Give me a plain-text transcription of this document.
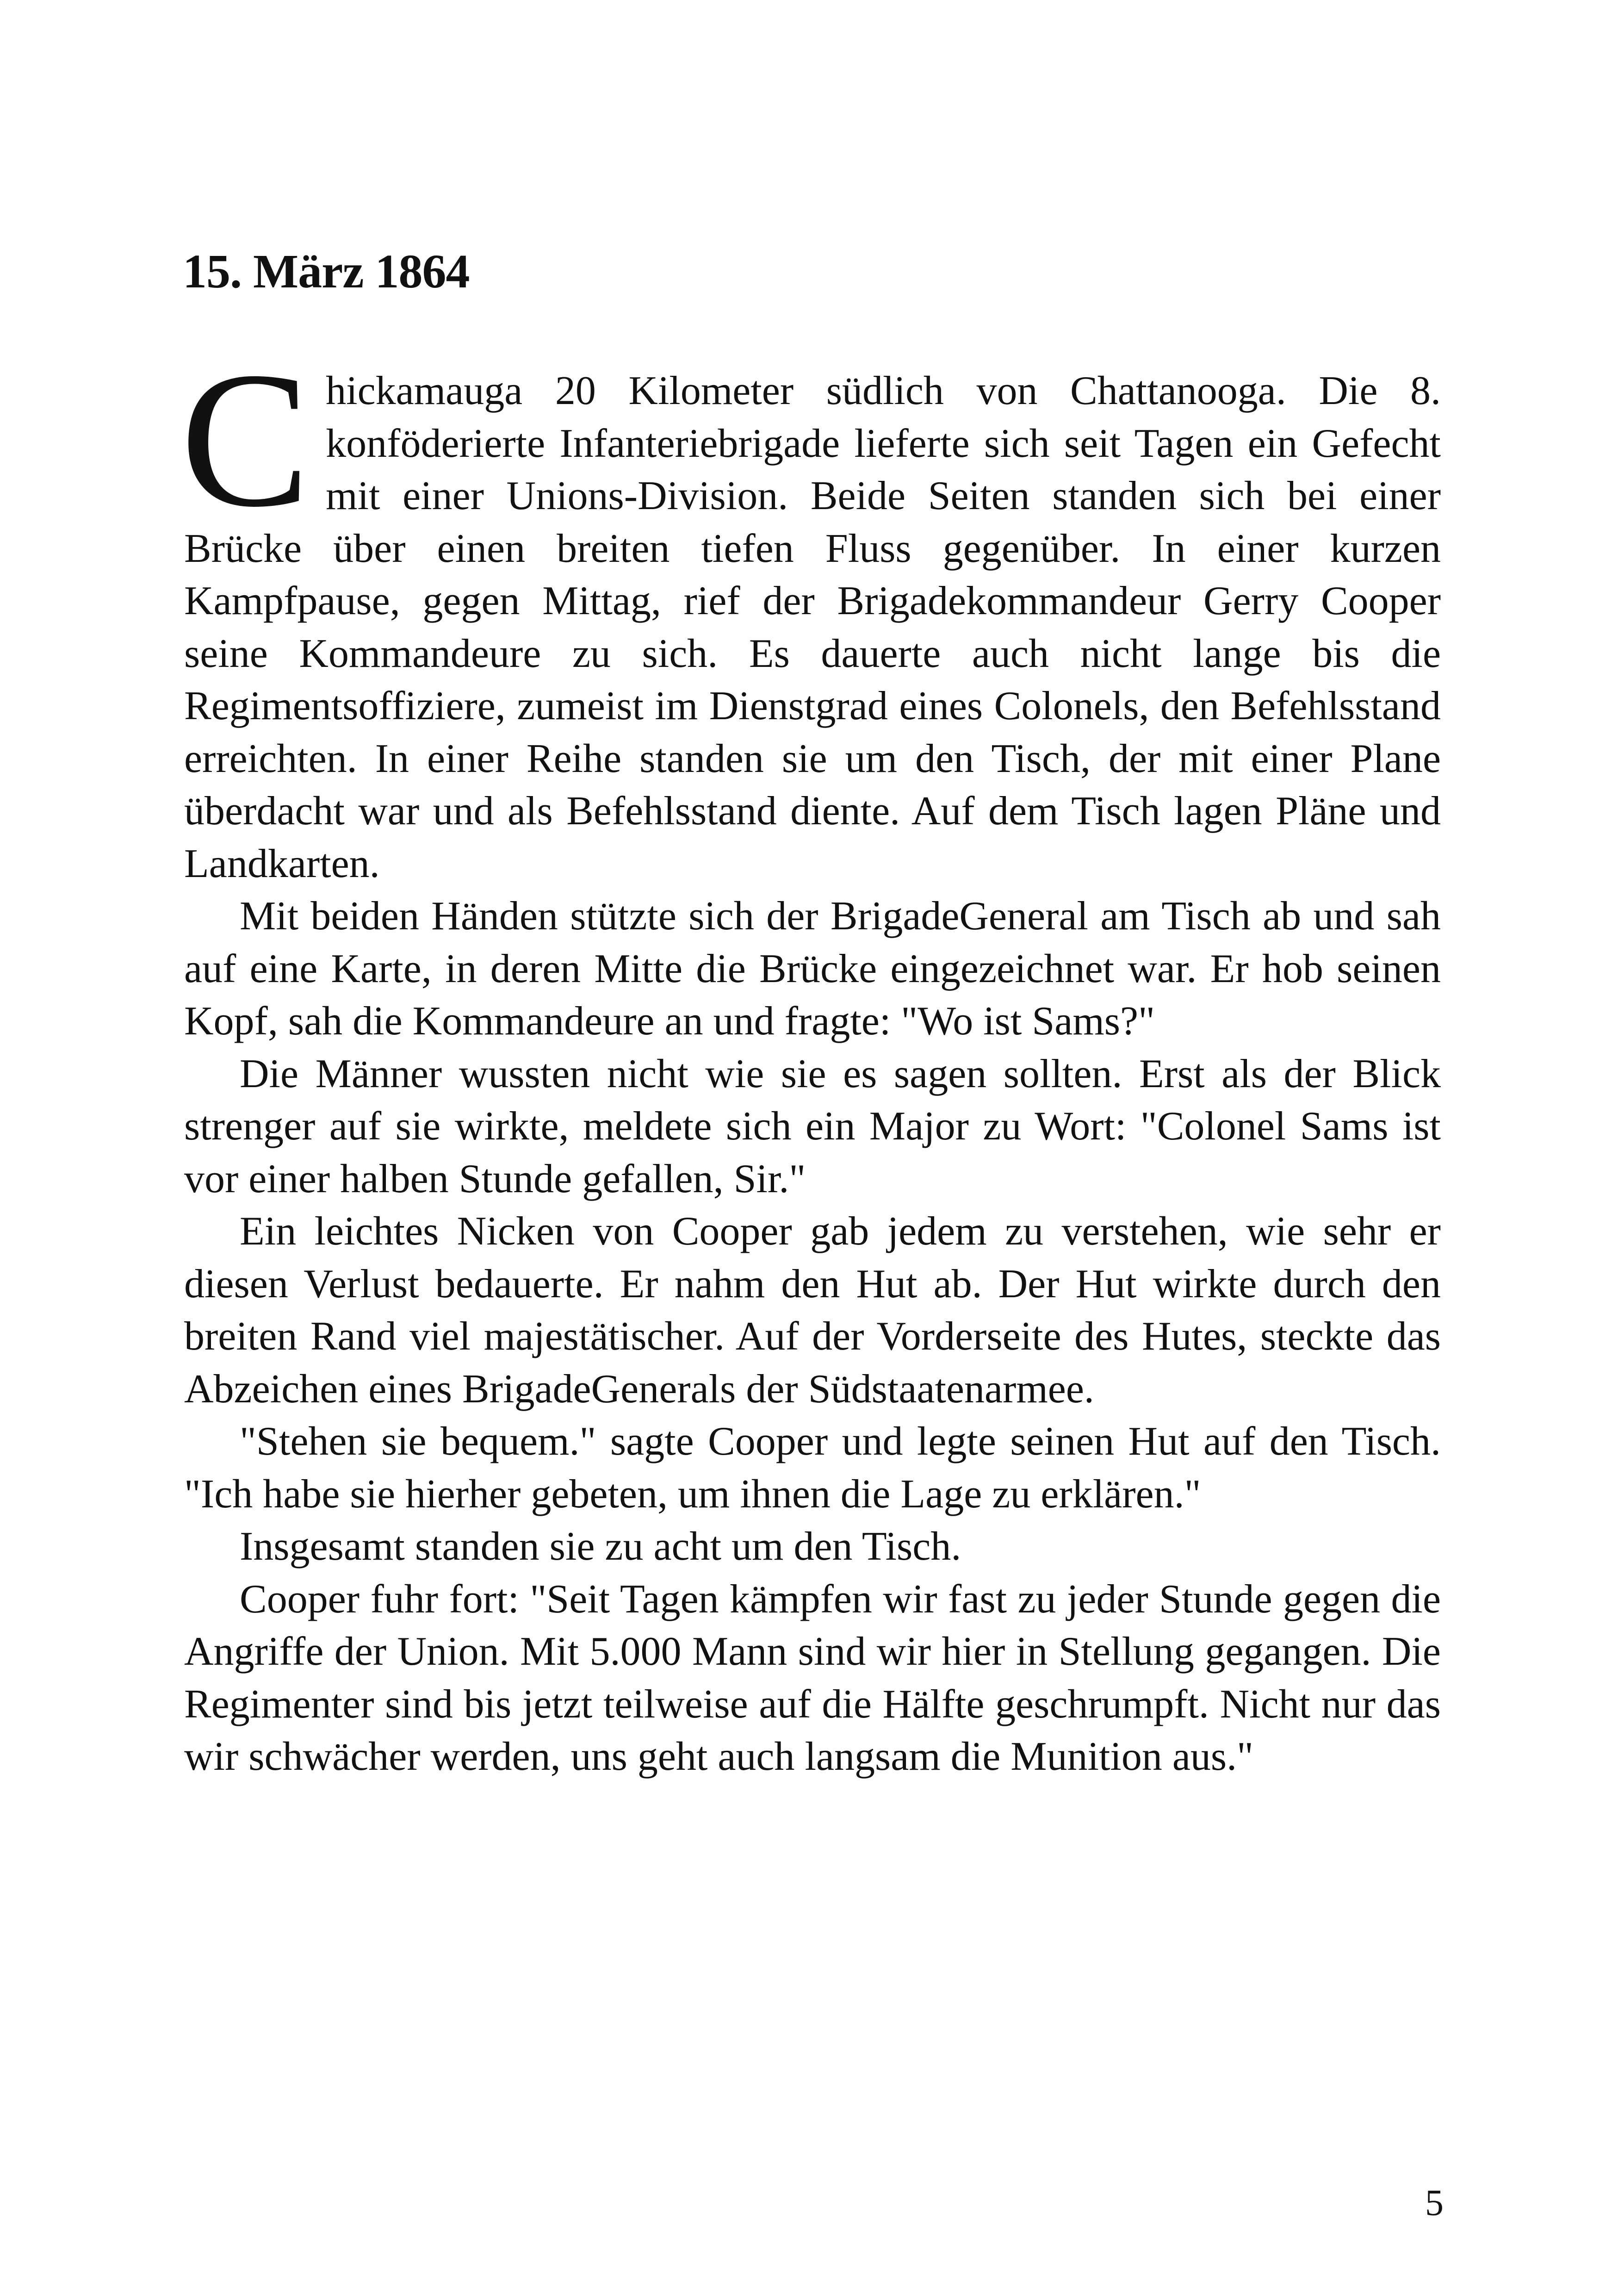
15. März 1864

Chickamauga 20 Kilometer südlich von Chattanooga. Die 8. konföderierte Infanteriebrigade lieferte sich seit Tagen ein Gefecht mit einer Unions-Division. Beide Seiten standen sich bei einer Brücke über einen breiten tiefen Fluss gegenüber. In einer kurzen Kampfpause, gegen Mittag, rief der Brigadekommandeur Gerry Cooper seine Kommandeure zu sich. Es dauerte auch nicht lange bis die Regimentsoffiziere, zumeist im Dienstgrad eines Colonels, den Befehlsstand erreichten. In einer Reihe standen sie um den Tisch, der mit einer Plane überdacht war und als Befehlsstand diente. Auf dem Tisch lagen Pläne und Landkarten.

Mit beiden Händen stützte sich der BrigadeGeneral am Tisch ab und sah auf eine Karte, in deren Mitte die Brücke eingezeichnet war. Er hob seinen Kopf, sah die Kommandeure an und fragte: "Wo ist Sams?"

Die Männer wussten nicht wie sie es sagen sollten. Erst als der Blick strenger auf sie wirkte, meldete sich ein Major zu Wort: "Colonel Sams ist vor einer halben Stunde gefallen, Sir."

Ein leichtes Nicken von Cooper gab jedem zu verstehen, wie sehr er diesen Verlust bedauerte. Er nahm den Hut ab. Der Hut wirkte durch den breiten Rand viel majestätischer. Auf der Vorderseite des Hutes, steckte das Abzeichen eines BrigadeGenerals der Südstaatenarmee.

"Stehen sie bequem." sagte Cooper und legte seinen Hut auf den Tisch. "Ich habe sie hierher gebeten, um ihnen die Lage zu erklären."

Insgesamt standen sie zu acht um den Tisch.

Cooper fuhr fort: "Seit Tagen kämpfen wir fast zu jeder Stunde gegen die Angriffe der Union. Mit 5.000 Mann sind wir hier in Stellung gegangen. Die Regimenter sind bis jetzt teilweise auf die Hälfte geschrumpft. Nicht nur das wir schwächer werden, uns geht auch langsam die Munition aus."

5
